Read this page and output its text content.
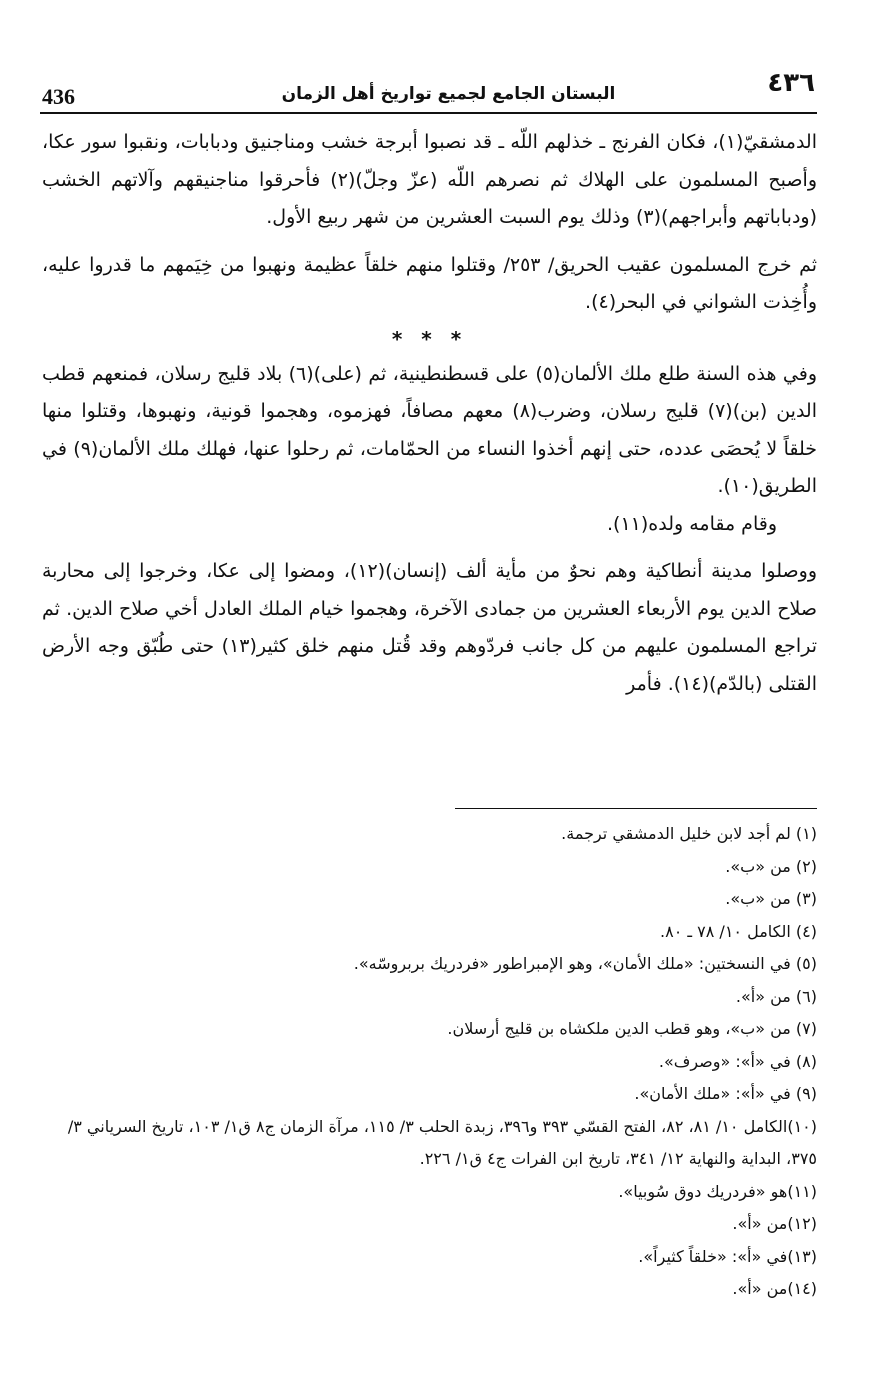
436	البستان الجامع لجميع تواريخ أهل الزمان	٤٣٦

الدمشقيّ(١)، فكان الفرنج ـ خذلهم اللّه ـ قد نصبوا أبرجة خشب ومناجنيق ودبابات، ونقبوا سور عكا، وأصبح المسلمون على الهلاك ثم نصرهم اللّه (عزّ وجلّ)(٢) فأحرقوا مناجنيقهم وآلاتهم الخشب (ودباباتهم وأبراجهم)(٣) وذلك يوم السبت العشرين من شهر ربيع الأول.

ثم خرج المسلمون عقيب الحريق/ ٢٥٣/ وقتلوا منهم خلقاً عظيمة ونهبوا من خِيَمهم ما قدروا عليه، وأُخِذت الشواني في البحر(٤).

* * *

وفي هذه السنة طلع ملك الألمان(٥) على قسطنطينية، ثم (على)(٦) بلاد قليج رسلان، فمنعهم قطب الدين (بن)(٧) قليج رسلان، وضرب(٨) معهم مصافاً، فهزموه، وهجموا قونية، ونهبوها، وقتلوا منها خلقاً لا يُحصَى عدده، حتى إنهم أخذوا النساء من الحمّامات، ثم رحلوا عنها، فهلك ملك الألمان(٩) في الطريق(١٠).

وقام مقامه ولده(١١).

ووصلوا مدينة أنطاكية وهم نحوٌ من مأية ألف (إنسان)(١٢)، ومضوا إلى عكا، وخرجوا إلى محاربة صلاح الدين يوم الأربعاء العشرين من جمادى الآخرة، وهجموا خيام الملك العادل أخي صلاح الدين. ثم تراجع المسلمون عليهم من كل جانب فردّوهم وقد قُتل منهم خلق كثير(١٣) حتى طُبّق وجه الأرض القتلى (بالدّم)(١٤). فأمر

(١) لم أجد لابن خليل الدمشقي ترجمة.

(٢) من «ب».

(٣) من «ب».

(٤) الكامل ١٠/ ٧٨ ـ ٨٠.

(٥) في النسختين: «ملك الأمان»، وهو الإمبراطور «فردريك بربروسّه».

(٦) من «أ».

(٧) من «ب»، وهو قطب الدين ملكشاه بن قليج أرسلان.

(٨) في «أ»: «وصرف».

(٩) في «أ»: «ملك الأمان».

(١٠)الكامل ١٠/ ٨١، ٨٢، الفتح القسّي ٣٩٣ و٣٩٦، زبدة الحلب ٣/ ١١٥، مرآة الزمان ج٨ ق١/ ١٠٣، تاريخ السرياني ٣/ ٣٧٥، البداية والنهاية ١٢/ ٣٤١، تاريخ ابن الفرات ج٤ ق١/ ٢٢٦.

(١١)هو «فردريك دوق سُوبيا».

(١٢)من «أ».

(١٣)في «أ»: «خلقاً كثيراً».

(١٤)من «أ».
